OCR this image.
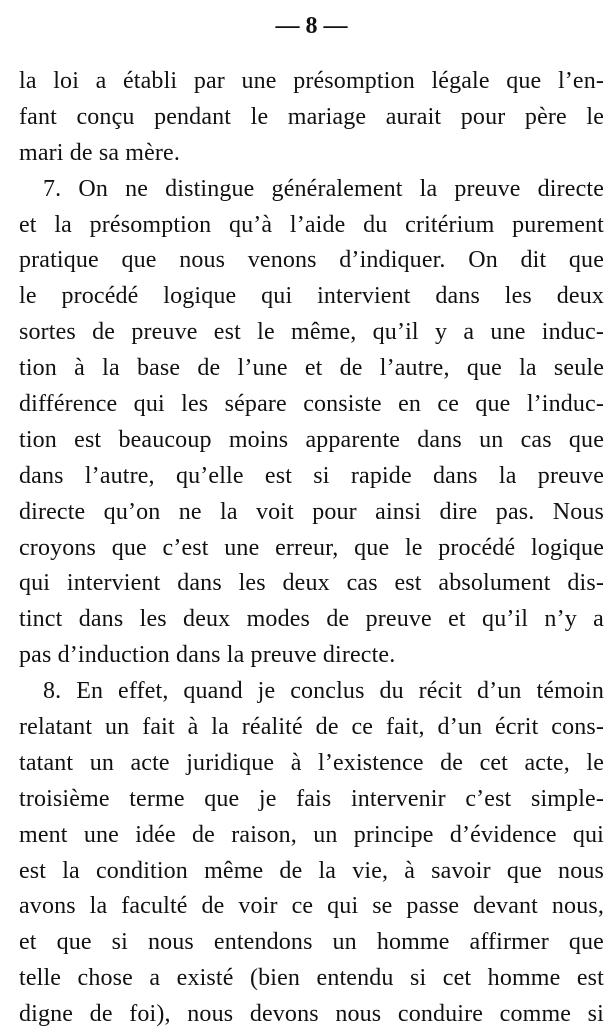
— 8 —
la loi a établi par une présomption légale que l’en-
fant conçu pendant le mariage aurait pour père le
mari de sa mère.
7. On ne distingue généralement la preuve directe
et la présomption qu’à l’aide du critérium purement
pratique que nous venons d’indiquer. On dit que
le procédé logique qui intervient dans les deux
sortes de preuve est le même, qu’il y a une induc-
tion à la base de l’une et de l’autre, que la seule
différence qui les sépare consiste en ce que l’induc-
tion est beaucoup moins apparente dans un cas que
dans l’autre, qu’elle est si rapide dans la preuve
directe qu’on ne la voit pour ainsi dire pas. Nous
croyons que c’est une erreur, que le procédé logique
qui intervient dans les deux cas est absolument dis-
tinct dans les deux modes de preuve et qu’il n’y a
pas d’induction dans la preuve directe.
8. En effet, quand je conclus du récit d’un témoin
relatant un fait à la réalité de ce fait, d’un écrit cons-
tatant un acte juridique à l’existence de cet acte, le
troisième terme que je fais intervenir c’est simple-
ment une idée de raison, un principe d’évidence qui
est la condition même de la vie, à savoir que nous
avons la faculté de voir ce qui se passe devant nous,
et que si nous entendons un homme affirmer que
telle chose a existé (bien entendu si cet homme est
digne de foi), nous devons nous conduire comme si
